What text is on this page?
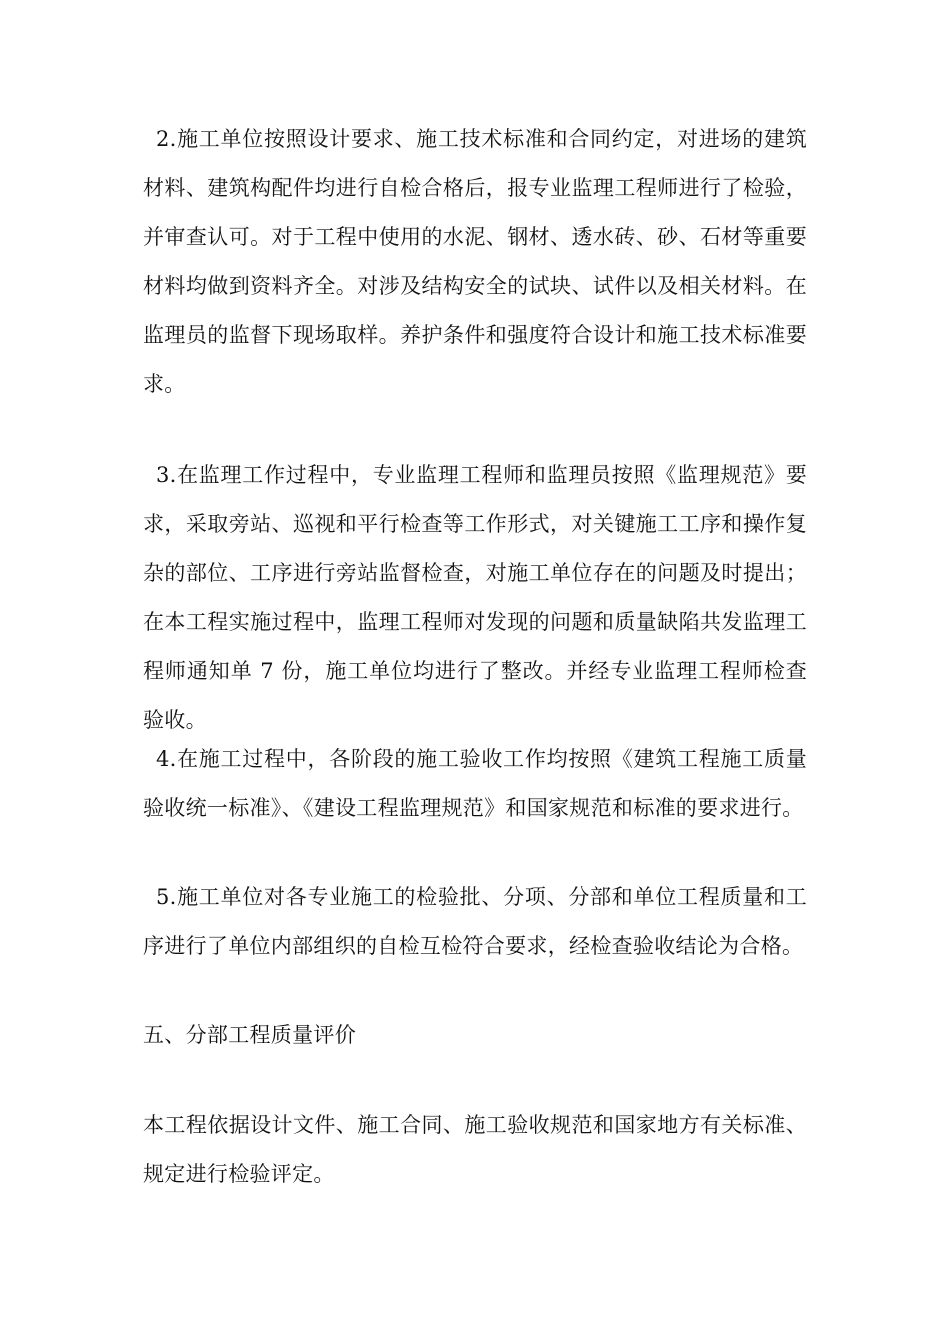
2.施工单位按照设计要求、施工技术标准和合同约定，对进场的建筑材料、建筑构配件均进行自检合格后，报专业监理工程师进行了检验，并审查认可。对于工程中使用的水泥、钢材、透水砖、砂、石材等重要材料均做到资料齐全。对涉及结构安全的试块、试件以及相关材料。在监理员的监督下现场取样。养护条件和强度符合设计和施工技术标准要求。

3.在监理工作过程中，专业监理工程师和监理员按照《监理规范》要求，采取旁站、巡视和平行检查等工作形式，对关键施工工序和操作复杂的部位、工序进行旁站监督检查，对施工单位存在的问题及时提出；在本工程实施过程中，监理工程师对发现的问题和质量缺陷共发监理工程师通知单 7 份，施工单位均进行了整改。并经专业监理工程师检查验收。

4.在施工过程中，各阶段的施工验收工作均按照《建筑工程施工质量验收统一标准》、《建设工程监理规范》和国家规范和标准的要求进行。

5.施工单位对各专业施工的检验批、分项、分部和单位工程质量和工序进行了单位内部组织的自检互检符合要求，经检查验收结论为合格。

五、分部工程质量评价

本工程依据设计文件、施工合同、施工验收规范和国家地方有关标准、规定进行检验评定。
